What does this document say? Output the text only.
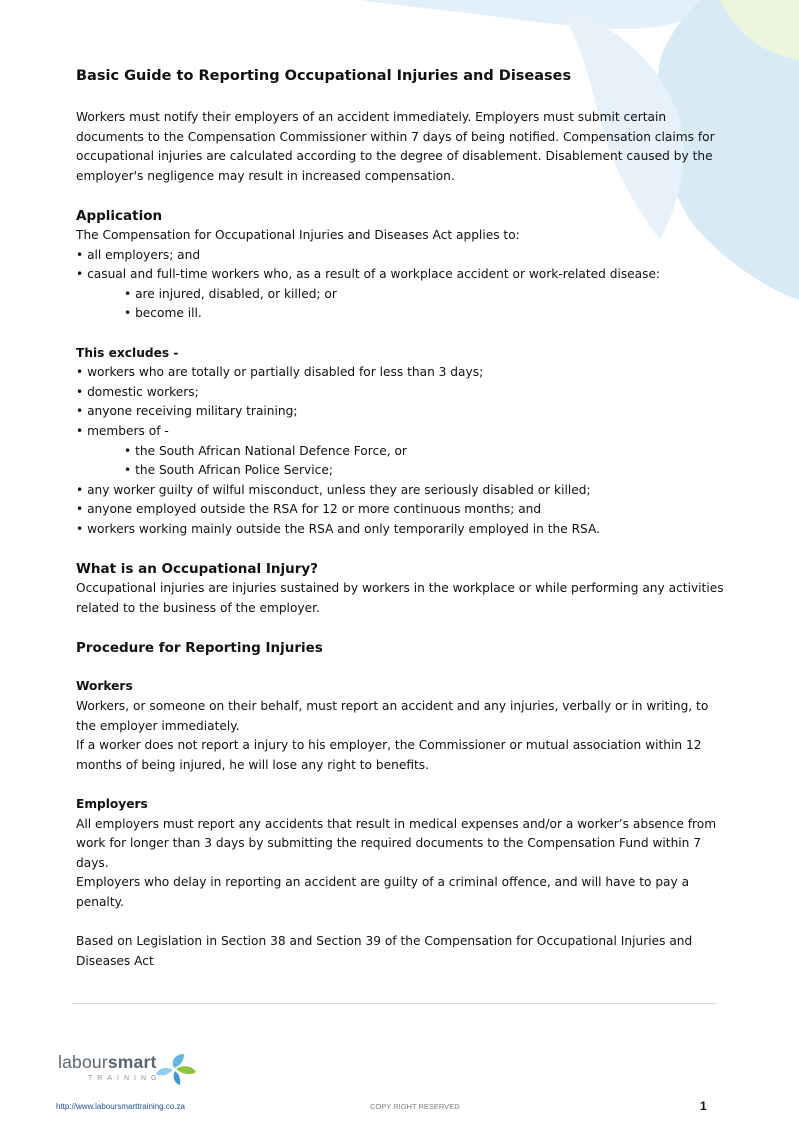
Basic Guide to Reporting Occupational Injuries and Diseases

Workers must notify their employers of an accident immediately. Employers must submit certain documents to the Compensation Commissioner within 7 days of being notified. Compensation claims for occupational injuries are calculated according to the degree of disablement. Disablement caused by the employer's negligence may result in increased compensation.

Application

The Compensation for Occupational Injuries and Diseases Act applies to:

• all employers; and

• casual and full-time workers who, as a result of a workplace accident or work-related disease:

• are injured, disabled, or killed; or

• become ill.

This excludes -

• workers who are totally or partially disabled for less than 3 days;

• domestic workers;

• anyone receiving military training;

• members of -

• the South African National Defence Force, or

• the South African Police Service;

• any worker guilty of wilful misconduct, unless they are seriously disabled or killed;

• anyone employed outside the RSA for 12 or more continuous months; and

• workers working mainly outside the RSA and only temporarily employed in the RSA.

What is an Occupational Injury?

Occupational injuries are injuries sustained by workers in the workplace or while performing any activities related to the business of the employer.

Procedure for Reporting Injuries

Workers

Workers, or someone on their behalf, must report an accident and any injuries, verbally or in writing, to the employer immediately.

If a worker does not report a injury to his employer, the Commissioner or mutual association within 12 months of being injured, he will lose any right to benefits.

Employers

All employers must report any accidents that result in medical expenses and/or a worker’s absence from work for longer than 3 days by submitting the required documents to the Compensation Fund within 7 days.

Employers who delay in reporting an accident are guilty of a criminal offence, and will have to pay a penalty.

Based on Legislation in Section 38 and Section 39 of the Compensation for Occupational Injuries and Diseases Act

laboursmart
TRAINING
http://www.laboursmarttraining.co.za	COPY RIGHT RESERVED	1
